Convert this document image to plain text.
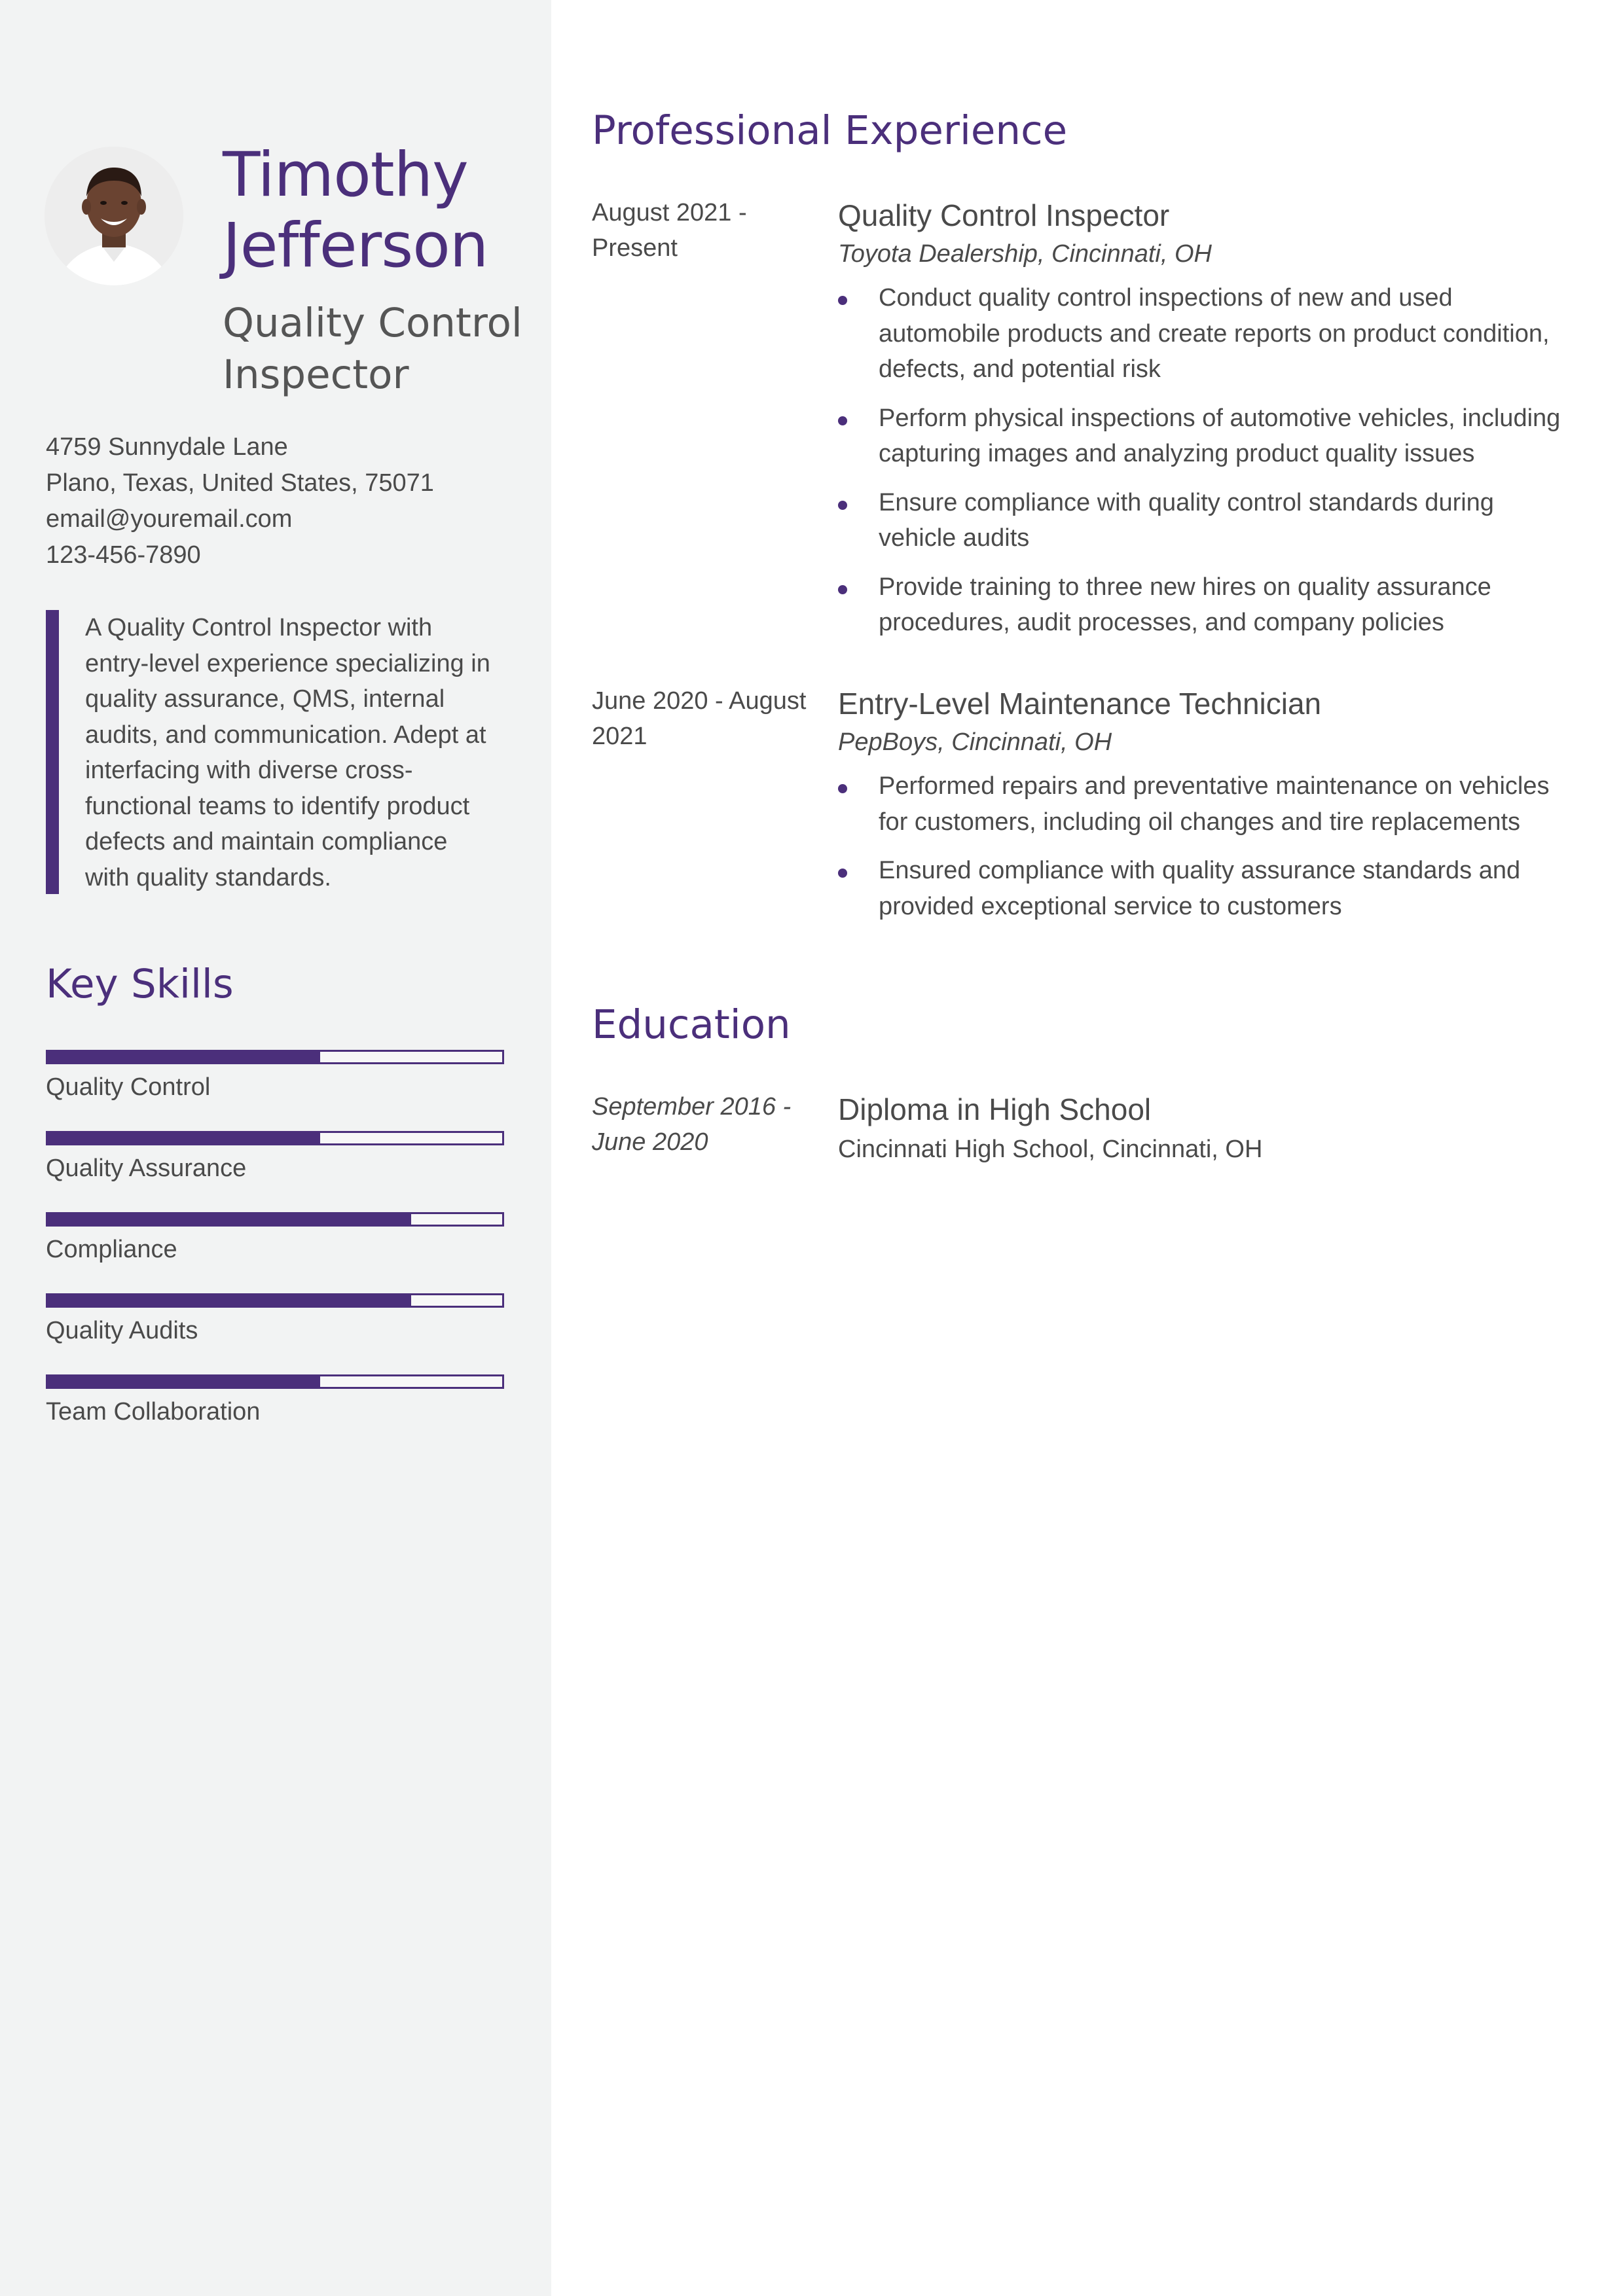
Timothy
Jefferson
Quality Control
Inspector
4759 Sunnydale Lane
Plano, Texas, United States, 75071
email@youremail.com
123-456-7890
A Quality Control Inspector with
entry-level experience specializing in
quality assurance, QMS, internal
audits, and communication. Adept at
interfacing with diverse cross-
functional teams to identify product
defects and maintain compliance
with quality standards.
Key Skills
Quality Control
Quality Assurance
Compliance
Quality Audits
Team Collaboration
Professional Experience
August 2021 -
Present
Quality Control Inspector
Toyota Dealership, Cincinnati, OH
Conduct quality control inspections of new and used
automobile products and create reports on product condition,
defects, and potential risk
Perform physical inspections of automotive vehicles, including
capturing images and analyzing product quality issues
Ensure compliance with quality control standards during
vehicle audits
Provide training to three new hires on quality assurance
procedures, audit processes, and company policies
June 2020 - August
2021
Entry-Level Maintenance Technician
PepBoys, Cincinnati, OH
Performed repairs and preventative maintenance on vehicles
for customers, including oil changes and tire replacements
Ensured compliance with quality assurance standards and
provided exceptional service to customers
Education
September 2016 -
June 2020
Diploma in High School
Cincinnati High School, Cincinnati, OH
